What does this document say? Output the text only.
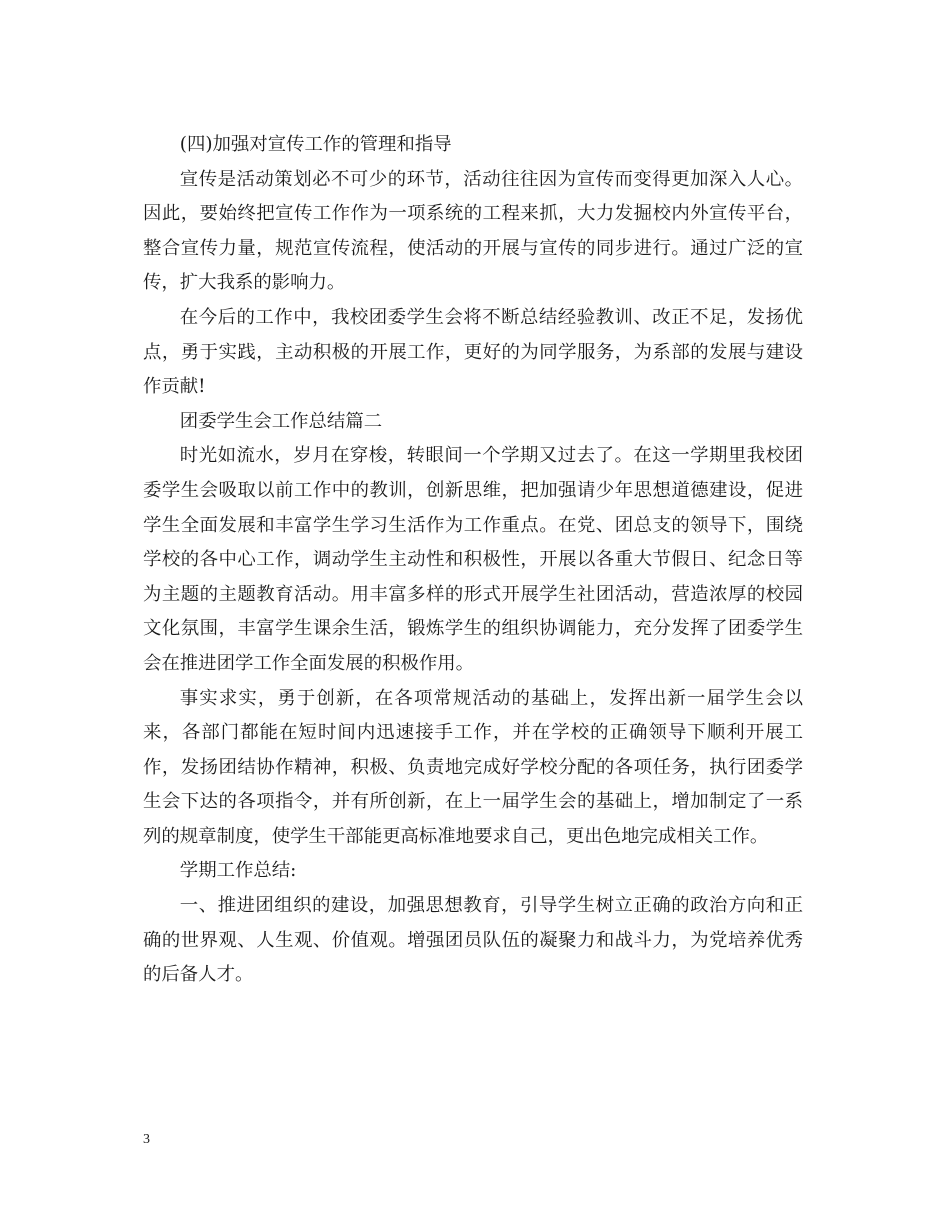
(四)加强对宣传工作的管理和指导

宣传是活动策划必不可少的环节，活动往往因为宣传而变得更加深入人心。因此，要始终把宣传工作作为一项系统的工程来抓，大力发掘校内外宣传平台，整合宣传力量，规范宣传流程，使活动的开展与宣传的同步进行。通过广泛的宣传，扩大我系的影响力。

在今后的工作中，我校团委学生会将不断总结经验教训、改正不足，发扬优点，勇于实践，主动积极的开展工作，更好的为同学服务，为系部的发展与建设作贡献!

团委学生会工作总结篇二

时光如流水，岁月在穿梭，转眼间一个学期又过去了。在这一学期里我校团委学生会吸取以前工作中的教训，创新思维，把加强请少年思想道德建设，促进学生全面发展和丰富学生学习生活作为工作重点。在党、团总支的领导下，围绕学校的各中心工作，调动学生主动性和积极性，开展以各重大节假日、纪念日等为主题的主题教育活动。用丰富多样的形式开展学生社团活动，营造浓厚的校园文化氛围，丰富学生课余生活，锻炼学生的组织协调能力，充分发挥了团委学生会在推进团学工作全面发展的积极作用。

事实求实，勇于创新，在各项常规活动的基础上，发挥出新一届学生会以来，各部门都能在短时间内迅速接手工作，并在学校的正确领导下顺利开展工作，发扬团结协作精神，积极、负责地完成好学校分配的各项任务，执行团委学生会下达的各项指令，并有所创新，在上一届学生会的基础上，增加制定了一系列的规章制度，使学生干部能更高标准地要求自己，更出色地完成相关工作。

学期工作总结:

一、推进团组织的建设，加强思想教育，引导学生树立正确的政治方向和正确的世界观、人生观、价值观。增强团员队伍的凝聚力和战斗力，为党培养优秀的后备人才。

3
